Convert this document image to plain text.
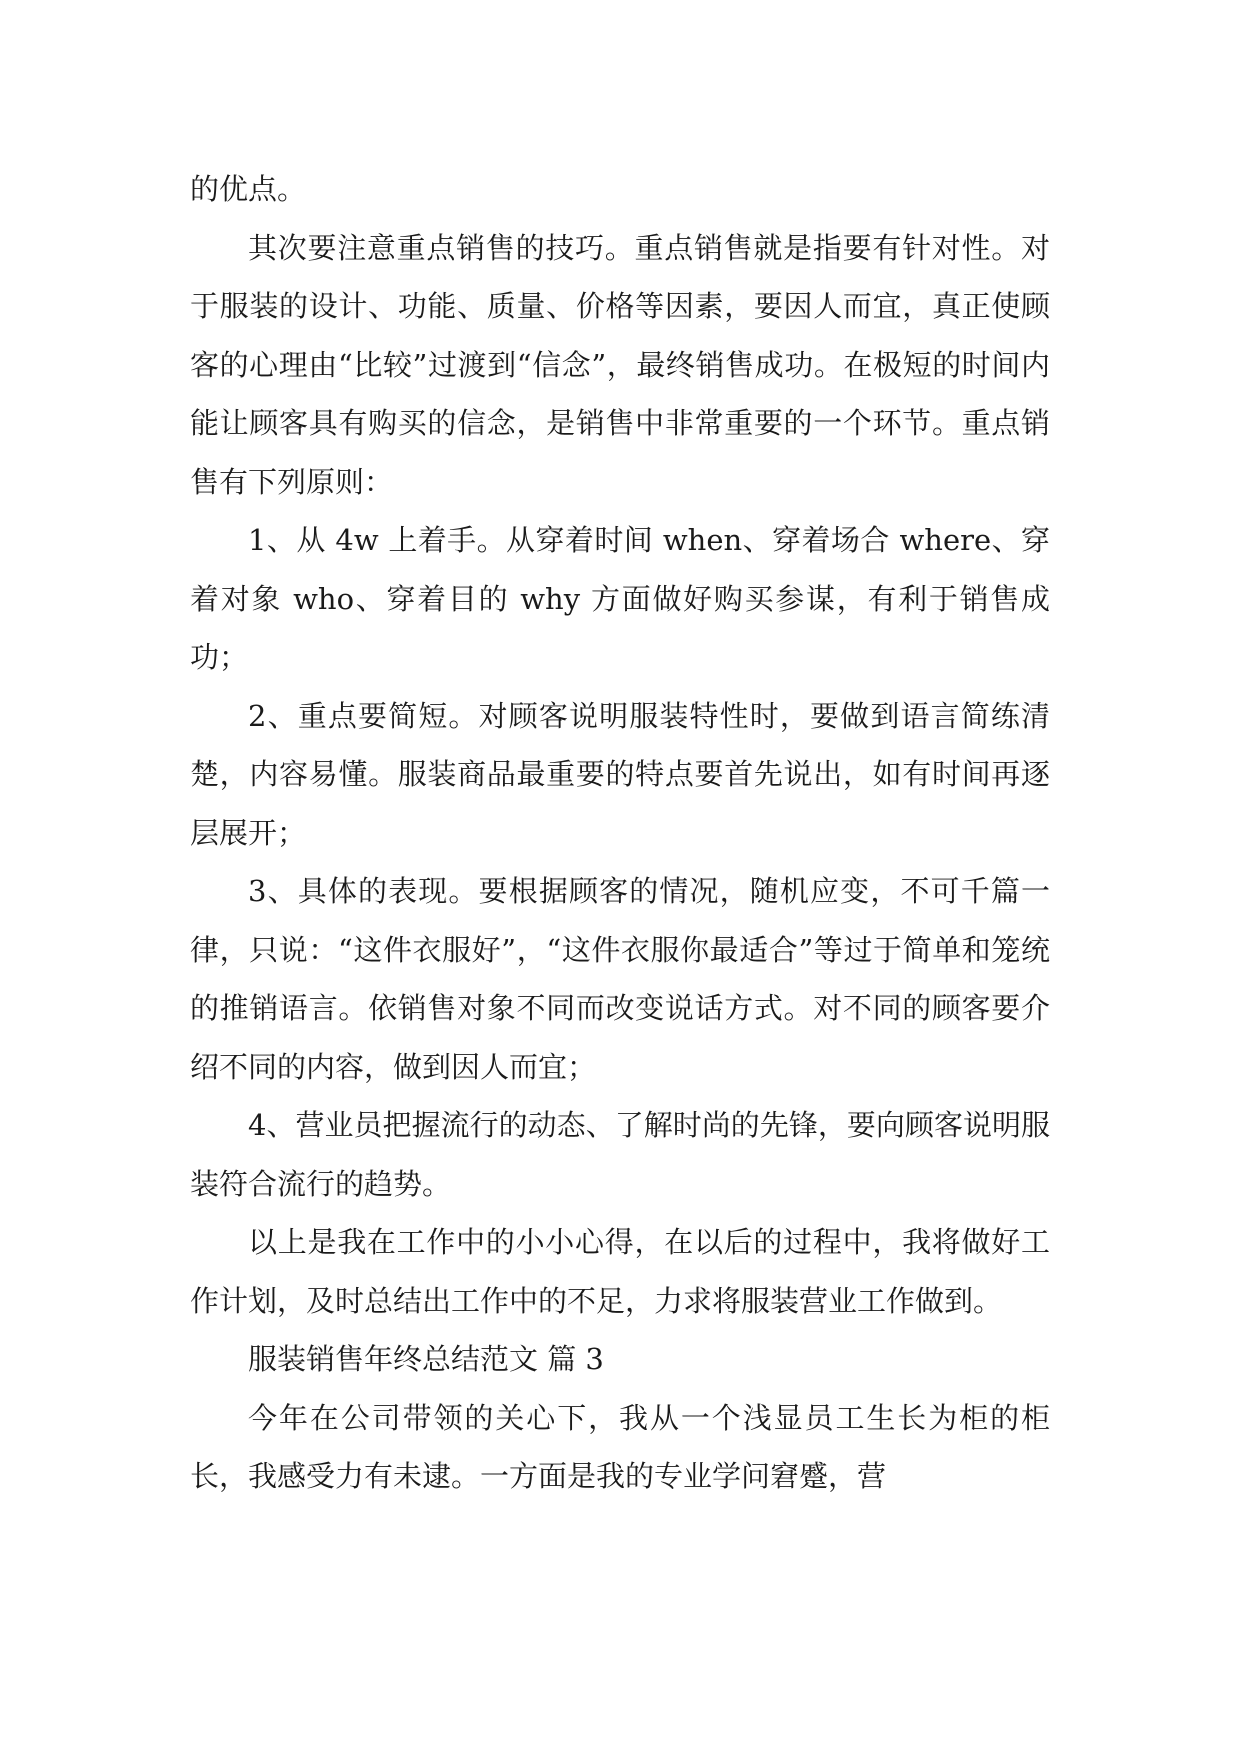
的优点。

其次要注意重点销售的技巧。重点销售就是指要有针对性。对于服装的设计、功能、质量、价格等因素，要因人而宜，真正使顾客的心理由“比较”过渡到“信念”，最终销售成功。在极短的时间内能让顾客具有购买的信念，是销售中非常重要的一个环节。重点销售有下列原则：

1、从 4w 上着手。从穿着时间 when、穿着场合 where、穿着对象 who、穿着目的 why 方面做好购买参谋，有利于销售成功；

2、重点要简短。对顾客说明服装特性时，要做到语言简练清楚，内容易懂。服装商品最重要的特点要首先说出，如有时间再逐层展开；

3、具体的表现。要根据顾客的情况，随机应变，不可千篇一律，只说：“这件衣服好”，“这件衣服你最适合”等过于简单和笼统的推销语言。依销售对象不同而改变说话方式。对不同的顾客要介绍不同的内容，做到因人而宜；

4、营业员把握流行的动态、了解时尚的先锋，要向顾客说明服装符合流行的趋势。

以上是我在工作中的小小心得，在以后的过程中，我将做好工作计划，及时总结出工作中的不足，力求将服装营业工作做到。

服装销售年终总结范文 篇 3

今年在公司带领的关心下，我从一个浅显员工生长为柜的柜长，我感受力有未逮。一方面是我的专业学问窘蹙，营
